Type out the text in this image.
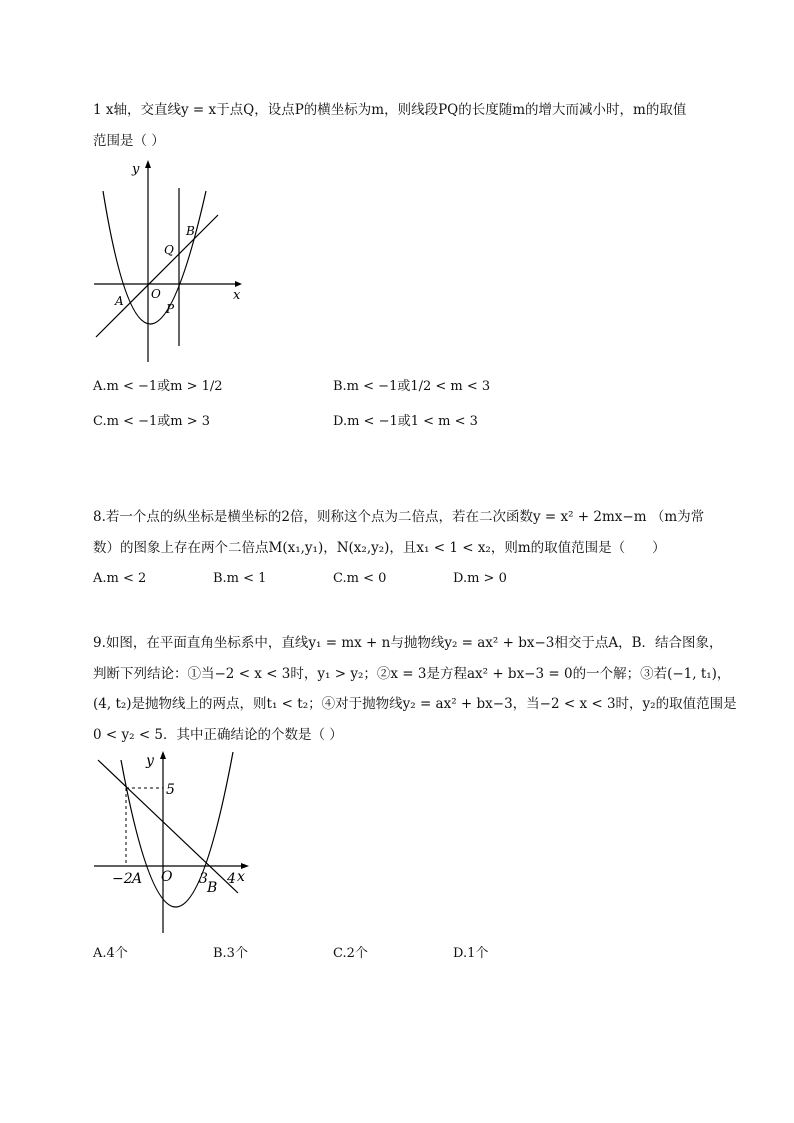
1 x轴，交直线y = x于点Q，设点P的横坐标为m，则线段PQ的长度随m的增大而减小时，m的取值
范围是（ ）
y
x
O
A
B
Q
P
A.m < −1或m > 1/2	B.m < −1或1/2 < m < 3
C.m < −1或m > 3	D.m < −1或1 < m < 3
8.若一个点的纵坐标是横坐标的2倍，则称这个点为二倍点，若在二次函数y = x² + 2mx−m （m为常
数）的图象上存在两个二倍点M(x₁,y₁)，N(x₂,y₂)，且x₁ < 1 < x₂，则m的取值范围是（　　）
A.m < 2	B.m < 1	C.m < 0	D.m > 0
9.如图，在平面直角坐标系中，直线y₁ = mx + n与抛物线y₂ = ax² + bx−3相交于点A，B．结合图象，
判断下列结论：①当−2 < x < 3时，y₁ > y₂；②x = 3是方程ax² + bx−3 = 0的一个解；③若(−1, t₁)，
(4, t₂)是抛物线上的两点，则t₁ < t₂；④对于抛物线y₂ = ax² + bx−3，当−2 < x < 3时，y₂的取值范围是
0 < y₂ < 5．其中正确结论的个数是（ ）
y
5
−2 A O 3
B
4 x
A.4个	B.3个	C.2个	D.1个
